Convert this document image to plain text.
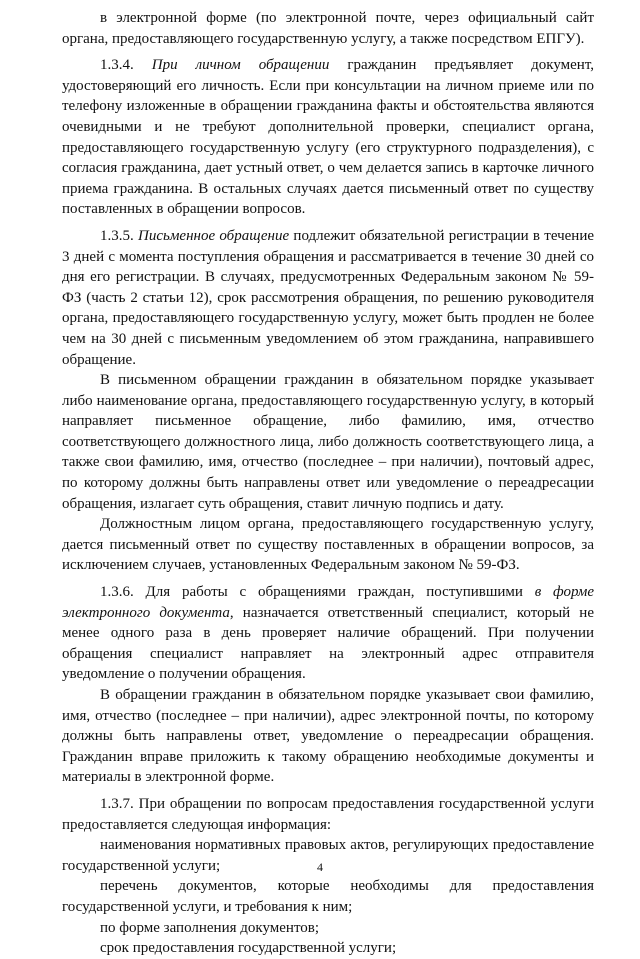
в электронной форме (по электронной почте, через официальный сайт органа, предоставляющего государственную услугу, а также посредством ЕПГУ).

1.3.4. При личном обращении гражданин предъявляет документ, удостоверяющий его личность. Если при консультации на личном приеме или по телефону изложенные в обращении гражданина факты и обстоятельства являются очевидными и не требуют дополнительной проверки, специалист органа, предоставляющего государственную услугу (его структурного подразделения), с согласия гражданина, дает устный ответ, о чем делается запись в карточке личного приема гражданина. В остальных случаях дается письменный ответ по существу поставленных в обращении вопросов.

1.3.5. Письменное обращение подлежит обязательной регистрации в течение 3 дней с момента поступления обращения и рассматривается в течение 30 дней со дня его регистрации. В случаях, предусмотренных Федеральным законом № 59-ФЗ (часть 2 статьи 12), срок рассмотрения обращения, по решению руководителя органа, предоставляющего государственную услугу, может быть продлен не более чем на 30 дней с письменным уведомлением об этом гражданина, направившего обращение.

В письменном обращении гражданин в обязательном порядке указывает либо наименование органа, предоставляющего государственную услугу, в который направляет письменное обращение, либо фамилию, имя, отчество соответствующего должностного лица, либо должность соответствующего лица, а также свои фамилию, имя, отчество (последнее – при наличии), почтовый адрес, по которому должны быть направлены ответ или уведомление о переадресации обращения, излагает суть обращения, ставит личную подпись и дату.

Должностным лицом органа, предоставляющего государственную услугу, дается письменный ответ по существу поставленных в обращении вопросов, за исключением случаев, установленных Федеральным законом № 59-ФЗ.

1.3.6. Для работы с обращениями граждан, поступившими в форме электронного документа, назначается ответственный специалист, который не менее одного раза в день проверяет наличие обращений. При получении обращения специалист направляет на электронный адрес отправителя уведомление о получении обращения.

В обращении гражданин в обязательном порядке указывает свои фамилию, имя, отчество (последнее – при наличии), адрес электронной почты, по которому должны быть направлены ответ, уведомление о переадресации обращения. Гражданин вправе приложить к такому обращению необходимые документы и материалы в электронной форме.

1.3.7. При обращении по вопросам предоставления государственной услуги предоставляется следующая информация:

наименования нормативных правовых актов, регулирующих предоставление государственной услуги;

перечень документов, которые необходимы для предоставления государственной услуги, и требования к ним;

по форме заполнения документов;

срок предоставления государственной услуги;

4
